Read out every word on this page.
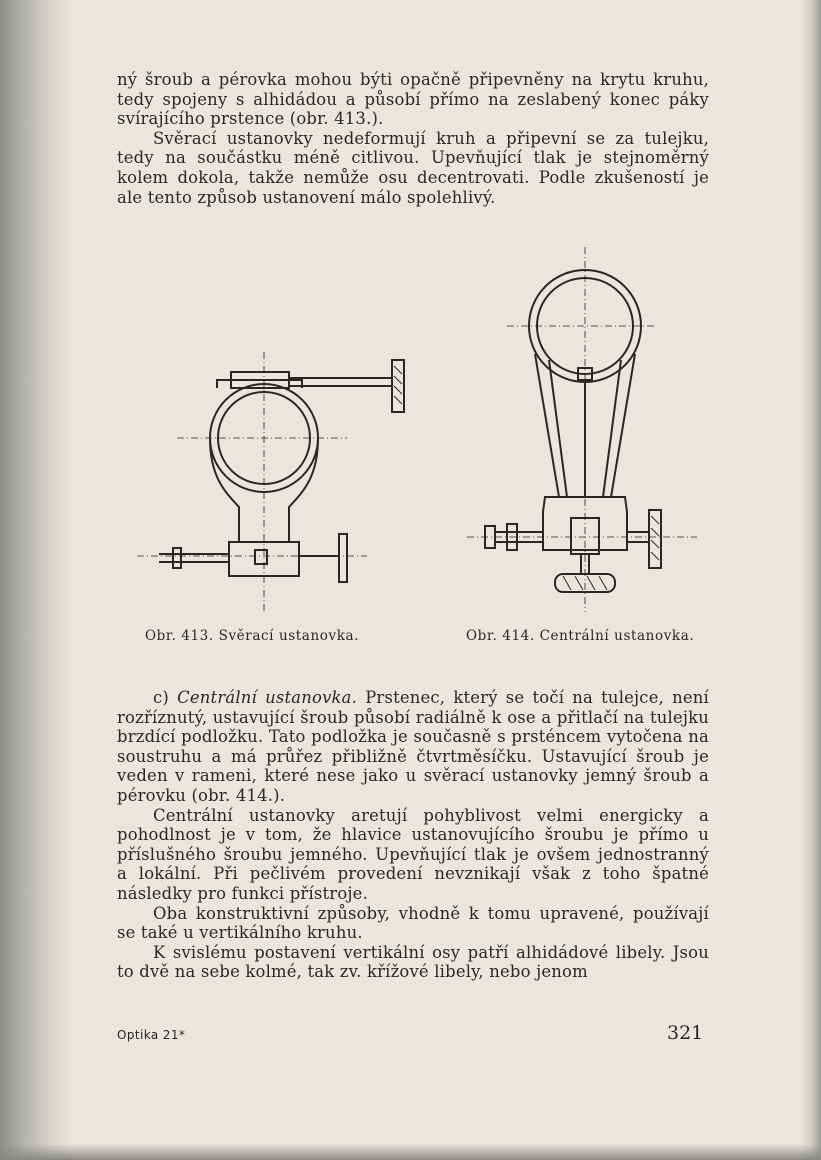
ný šroub a pérovka mohou býti opačně připevněny na krytu kruhu, tedy spojeny s alhidádou a působí přímo na zeslabený konec páky svírajícího prstence (obr. 413.).

Svěrací ustanovky nedeformují kruh a připevní se za tulejku, tedy na součástku méně citlivou. Upevňující tlak je stejnoměrný kolem dokola, takže nemůže osu decentrovati. Podle zkušeností je ale tento způsob ustanovení málo spolehlivý.

Obr. 413. Svěrací ustanovka.	Obr. 414. Centrální ustanovka.

c) Centrální ustanovka. Prstenec, který se točí na tulejce, není rozříznutý, ustavující šroub působí radiálně k ose a přitlačí na tulejku brzdící podložku. Tato podložka je současně s prsténcem vytočena na soustruhu a má průřez přibližně čtvrtměsíčku. Ustavující šroub je veden v rameni, které nese jako u svěrací ustanovky jemný šroub a pérovku (obr. 414.).

Centrální ustanovky aretují pohyblivost velmi energicky a pohodlnost je v tom, že hlavice ustanovujícího šroubu je přímo u příslušného šroubu jemného. Upevňující tlak je ovšem jednostranný a lokální. Při pečlivém provedení nevznikají však z toho špatné následky pro funkci přístroje.

Oba konstruktivní způsoby, vhodně k tomu upravené, používají se také u vertikálního kruhu.

K svislému postavení vertikální osy patří alhidádové libely. Jsou to dvě na sebe kolmé, tak zv. křížové libely, nebo jenom

Optika 21*	321
